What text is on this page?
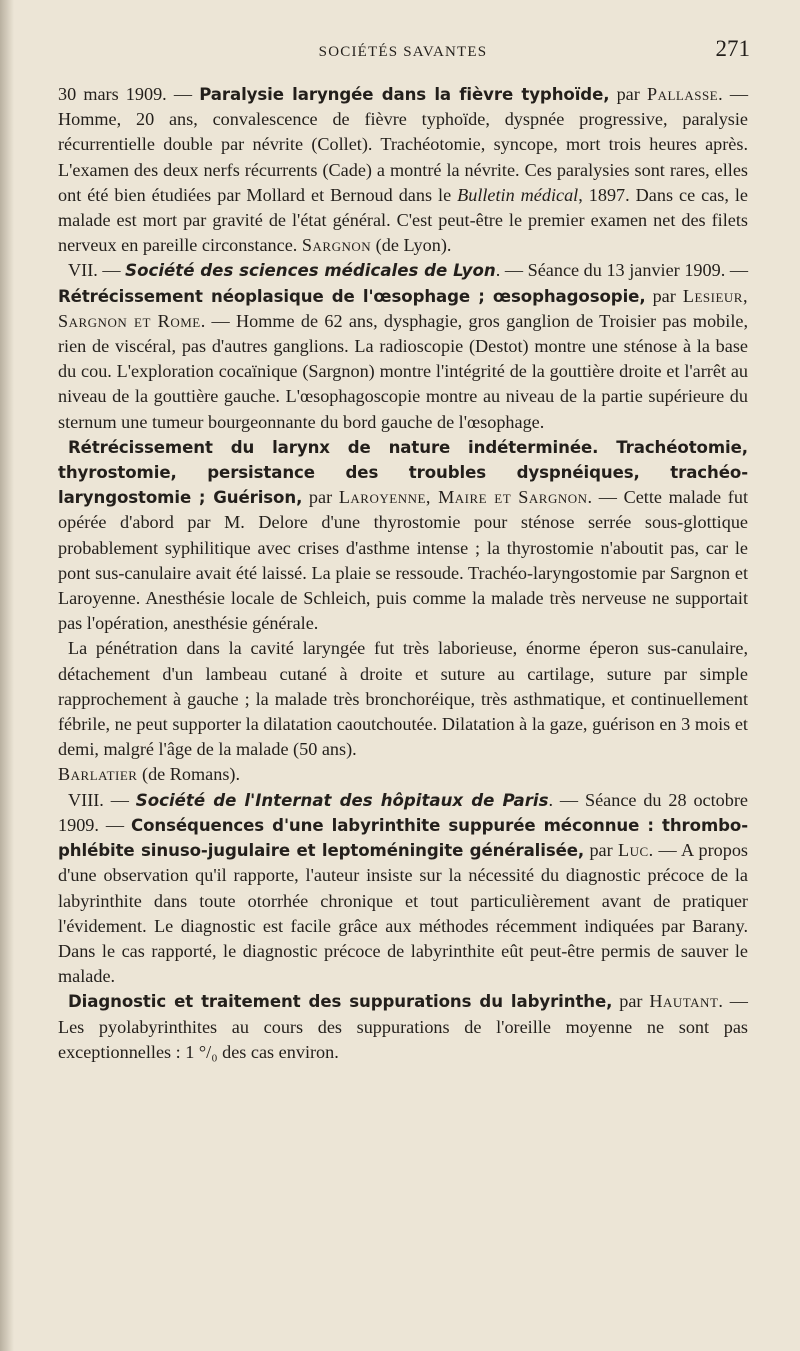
SOCIÉTÉS SAVANTES	271

30 mars 1909. — Paralysie laryngée dans la fièvre typhoïde, par Pallasse. — Homme, 20 ans, convalescence de fièvre typhoïde, dyspnée progressive, paralysie récurrentielle double par névrite (Collet). Trachéotomie, syncope, mort trois heures après. L'examen des deux nerfs récurrents (Cade) a montré la névrite. Ces paralysies sont rares, elles ont été bien étudiées par Mollard et Bernoud dans le Bulletin médical, 1897. Dans ce cas, le malade est mort par gravité de l'état général. C'est peut-être le premier examen net des filets nerveux en pareille circonstance. Sargnon (de Lyon).

VII. — Société des sciences médicales de Lyon. — Séance du 13 janvier 1909. — Rétrécissement néoplasique de l'œsophage ; œsophagosopie, par Lesieur, Sargnon et Rome. — Homme de 62 ans, dysphagie, gros ganglion de Troisier pas mobile, rien de viscéral, pas d'autres ganglions. La radioscopie (Destot) montre une sténose à la base du cou. L'exploration cocaïnique (Sargnon) montre l'intégrité de la gouttière droite et l'arrêt au niveau de la gouttière gauche. L'œsophagoscopie montre au niveau de la partie supérieure du sternum une tumeur bourgeonnante du bord gauche de l'œsophage.

Rétrécissement du larynx de nature indéterminée. Trachéotomie, thyrostomie, persistance des troubles dyspnéiques, trachéo-laryngostomie ; Guérison, par Laroyenne, Maire et Sargnon. — Cette malade fut opérée d'abord par M. Delore d'une thyrostomie pour sténose serrée sous-glottique probablement syphilitique avec crises d'asthme intense ; la thyrostomie n'aboutit pas, car le pont sus-canulaire avait été laissé. La plaie se ressoude. Trachéo-laryngostomie par Sargnon et Laroyenne. Anesthésie locale de Schleich, puis comme la malade très nerveuse ne supportait pas l'opération, anesthésie générale.

La pénétration dans la cavité laryngée fut très laborieuse, énorme éperon sus-canulaire, détachement d'un lambeau cutané à droite et suture au cartilage, suture par simple rapprochement à gauche ; la malade très bronchoréique, très asthmatique, et continuellement fébrile, ne peut supporter la dilatation caoutchoutée. Dilatation à la gaze, guérison en 3 mois et demi, malgré l'âge de la malade (50 ans).

Barlatier (de Romans).

VIII. — Société de l'Internat des hôpitaux de Paris. — Séance du 28 octobre 1909. — Conséquences d'une labyrinthite suppurée méconnue : thrombo-phlébite sinuso-jugulaire et leptoméningite généralisée, par Luc. — A propos d'une observation qu'il rapporte, l'auteur insiste sur la nécessité du diagnostic précoce de la labyrinthite dans toute otorrhée chronique et tout particulièrement avant de pratiquer l'évidement. Le diagnostic est facile grâce aux méthodes récemment indiquées par Barany. Dans le cas rapporté, le diagnostic précoce de labyrinthite eût peut-être permis de sauver le malade.

Diagnostic et traitement des suppurations du labyrinthe, par Hautant. — Les pyolabyrinthites au cours des suppurations de l'oreille moyenne ne sont pas exceptionnelles : 1 °/₀ des cas environ.
